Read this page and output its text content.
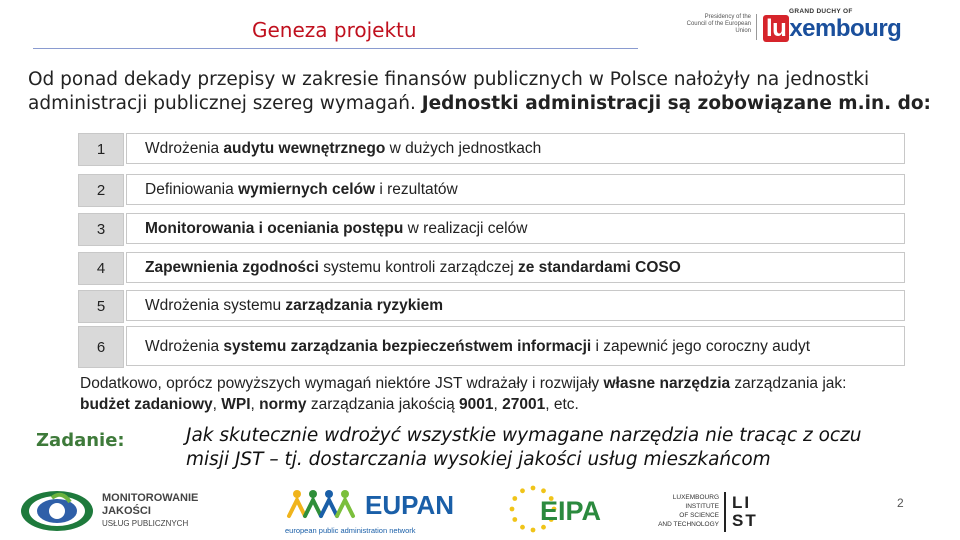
Geneza projektu
Presidency of the Council of the European Union
GRAND DUCHY OF
lu xembourg
Od ponad dekady przepisy w zakresie finansów publicznych w Polsce nałożyły na jednostki administracji publicznej szereg wymagań. Jednostki administracji są zobowiązane m.in. do:
1	Wdrożenia audytu wewnętrznego w dużych jednostkach
2	Definiowania wymiernych celów i rezultatów
3	Monitorowania i oceniania postępu w realizacji celów
4	Zapewnienia zgodności systemu kontroli zarządczej ze standardami COSO
5	Wdrożenia systemu zarządzania ryzykiem
6	Wdrożenia systemu zarządzania bezpieczeństwem informacji i zapewnić jego coroczny audyt
Dodatkowo, oprócz powyższych wymagań niektóre JST wdrażały i rozwijały własne narzędzia zarządzania jak: budżet zadaniowy, WPI, normy zarządzania jakością 9001, 27001, etc.
Zadanie:	Jak skutecznie wdrożyć wszystkie wymagane narzędzia nie tracąc z oczu misji JST – tj. dostarczania wysokiej jakości usług mieszkańcom
MONITOROWANIE
JAKOŚCI
USŁUG PUBLICZNYCH
EUPAN
european public administration network
EIPA	LUXEMBOURG
INSTITUTE
OF SCIENCE
AND TECHNOLOGY
LI ST
2
